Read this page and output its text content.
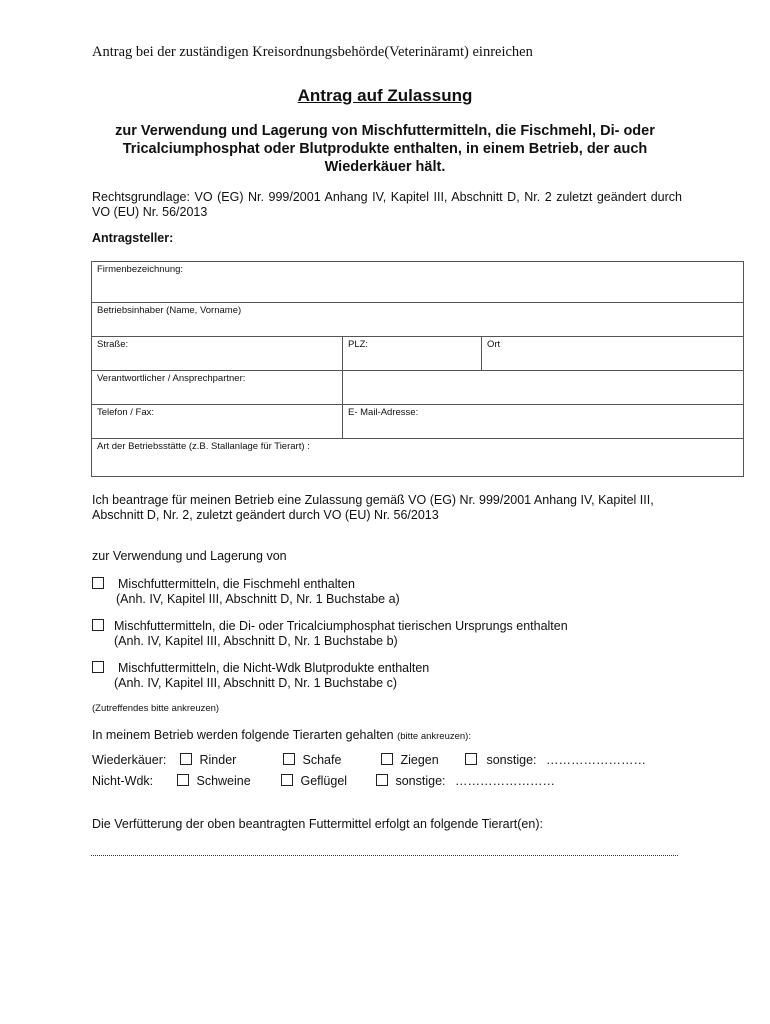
Antrag bei der zuständigen Kreisordnungsbehörde(Veterinäramt) einreichen
Antrag auf Zulassung
zur Verwendung und Lagerung von Mischfuttermitteln, die Fischmehl, Di- oder Tricalciumphosphat oder Blutprodukte enthalten, in einem Betrieb, der auch Wiederkäuer hält.
Rechtsgrundlage: VO (EG) Nr. 999/2001 Anhang IV, Kapitel III, Abschnitt D, Nr. 2 zuletzt geändert durch VO (EU) Nr. 56/2013
Antragsteller:
Firmenbezeichnung:		
Betriebsinhaber (Name, Vorname)		
Straße:	PLZ:	Ort
Verantwortlicher / Ansprechpartner:		
Telefon / Fax:	E- Mail-Adresse:	
Art der Betriebsstätte (z.B. Stallanlage für Tierart) :		
Ich beantrage für meinen Betrieb eine Zulassung gemäß VO (EG) Nr. 999/2001 Anhang IV, Kapitel III, Abschnitt D, Nr. 2, zuletzt geändert durch VO (EU) Nr. 56/2013
zur Verwendung und Lagerung von
Mischfuttermitteln, die Fischmehl enthalten
(Anh. IV, Kapitel III, Abschnitt D, Nr. 1 Buchstabe a)
Mischfuttermitteln, die Di- oder Tricalciumphosphat tierischen Ursprungs enthalten
(Anh. IV, Kapitel III, Abschnitt D, Nr. 1 Buchstabe b)
Mischfuttermitteln, die Nicht-Wdk Blutprodukte enthalten
(Anh. IV, Kapitel III, Abschnitt D, Nr. 1 Buchstabe c)
(Zutreffendes bitte ankreuzen)
In meinem Betrieb werden folgende Tierarten gehalten (bitte ankreuzen):
Wiederkäuer:	Rinder	Schafe	Ziegen	sonstige: ……………………
Nicht-Wdk:	Schweine	Geflügel	sonstige: ……………………
Die Verfütterung der oben beantragten Futtermittel erfolgt an folgende Tierart(en):
